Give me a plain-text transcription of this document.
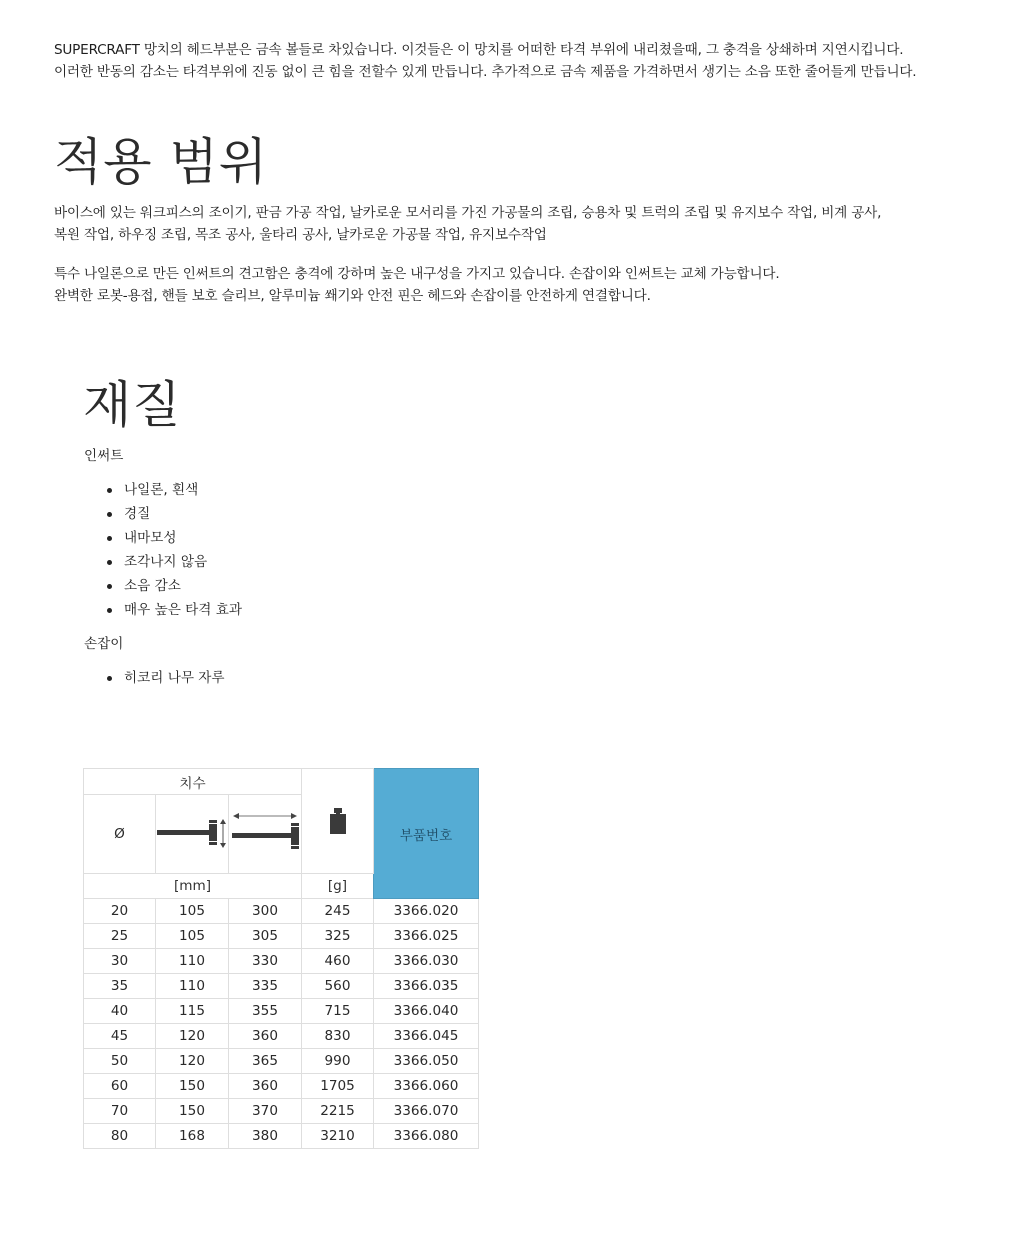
SUPERCRAFT 망치의 헤드부분은 금속 볼들로 차있습니다. 이것들은 이 망치를 어떠한 타격 부위에 내리쳤을때, 그 충격을 상쇄하며 지연시킵니다.

이러한 반동의 감소는 타격부위에 진동 없이 큰 힘을 전할수 있게 만듭니다. 추가적으로 금속 제품을 가격하면서 생기는 소음 또한 줄어들게 만듭니다.

적용 범위

바이스에 있는 워크피스의 조이기, 판금 가공 작업, 날카로운 모서리를 가진 가공물의 조립, 승용차 및 트럭의 조립 및 유지보수 작업, 비계 공사,

복원 작업, 하우징 조립, 목조 공사, 울타리 공사, 날카로운 가공물 작업, 유지보수작업

특수 나일론으로 만든 인써트의 견고함은 충격에 강하며 높은 내구성을 가지고 있습니다. 손잡이와 인써트는 교체 가능합니다.

완벽한 로봇-용접, 핸들 보호 슬리브, 알루미늄 쐐기와 안전 핀은 헤드와 손잡이를 안전하게 연결합니다.

재질

인써트

나일론, 흰색
경질
내마모성
조각나지 않음
소음 감소
매우 높은 타격 효과

손잡이

히코리 나무 자루
치수				부품번호
Ø		
[mm]			[g]	
20	105	300	245	3366.020
25	105	305	325	3366.025
30	110	330	460	3366.030
35	110	335	560	3366.035
40	115	355	715	3366.040
45	120	360	830	3366.045
50	120	365	990	3366.050
60	150	360	1705	3366.060
70	150	370	2215	3366.070
80	168	380	3210	3366.080
